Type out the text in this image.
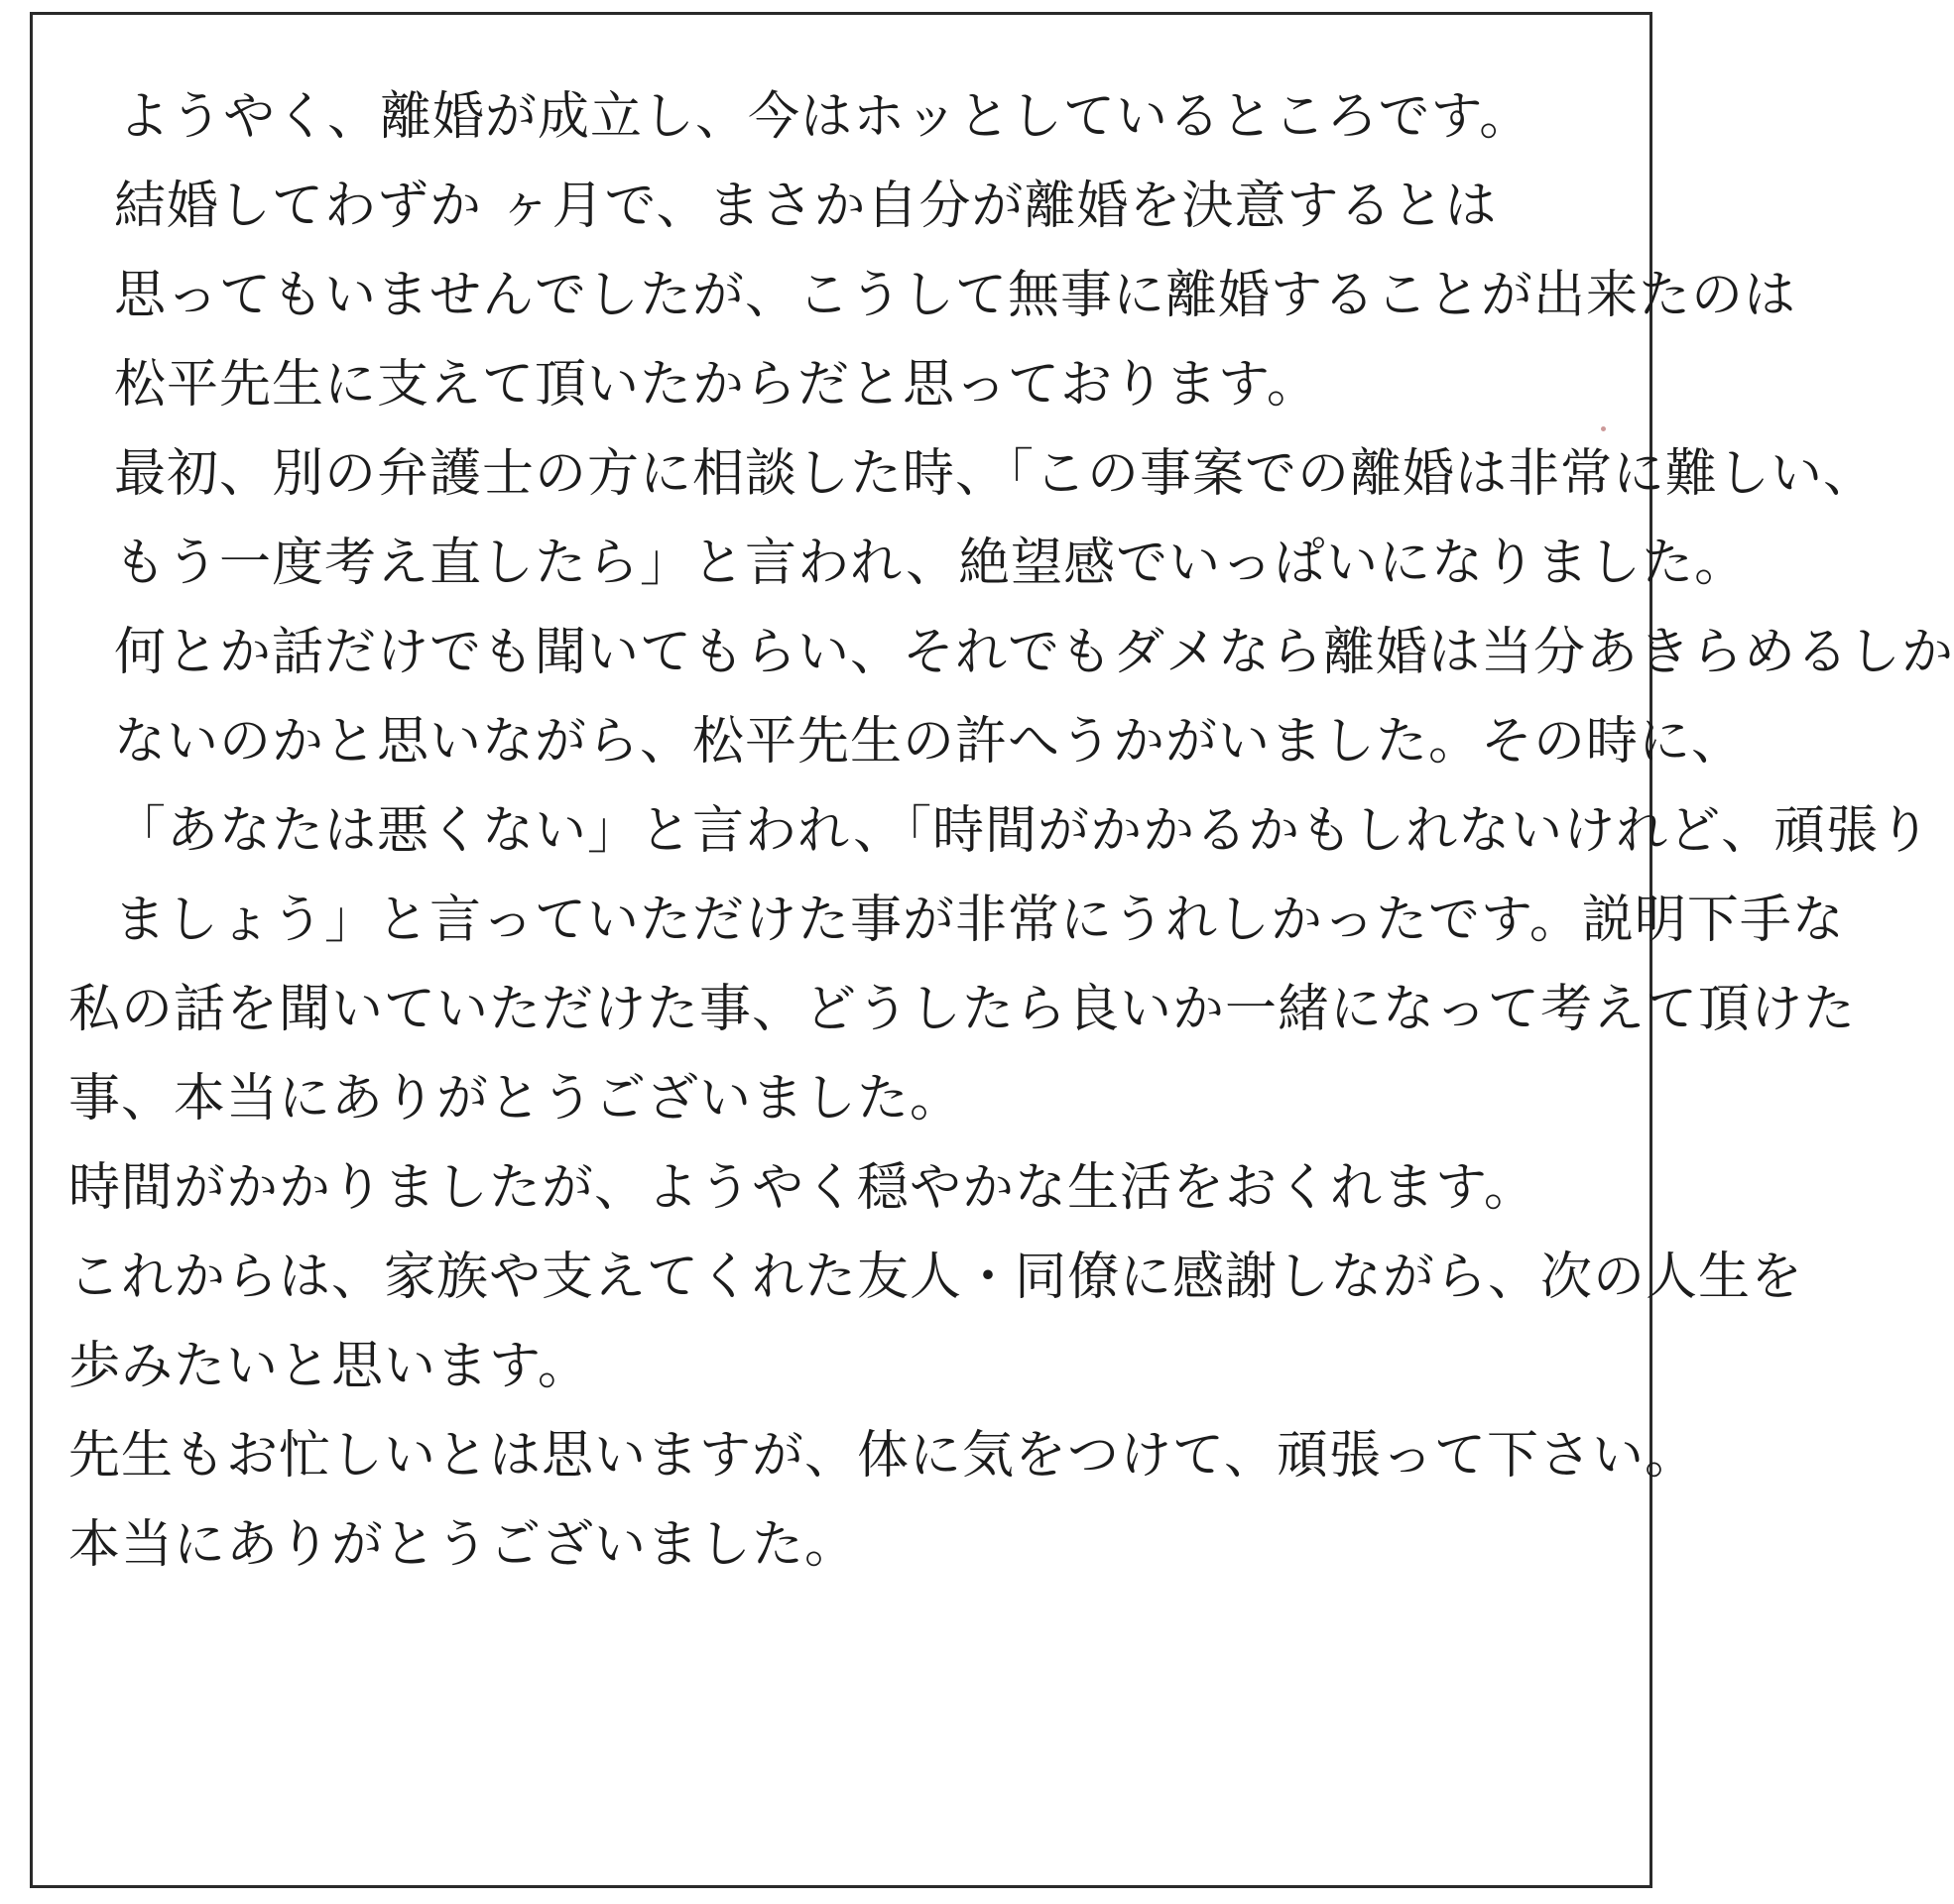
ようやく、離婚が成立し、今はホッとしているところです。
結婚してわずか ヶ月で、まさか自分が離婚を決意するとは
思ってもいませんでしたが、こうして無事に離婚することが出来たのは
松平先生に支えて頂いたからだと思っております。
最初、別の弁護士の方に相談した時、「この事案での離婚は非常に難しい、
もう一度考え直したら」と言われ、絶望感でいっぱいになりました。
何とか話だけでも聞いてもらい、それでもダメなら離婚は当分あきらめるしか
ないのかと思いながら、松平先生の許へうかがいました。その時に、
「あなたは悪くない」と言われ、「時間がかかるかもしれないけれど、頑張り
ましょう」と言っていただけた事が非常にうれしかったです。説明下手な
私の話を聞いていただけた事、どうしたら良いか一緒になって考えて頂けた
事、本当にありがとうございました。
時間がかかりましたが、ようやく穏やかな生活をおくれます。
これからは、家族や支えてくれた友人・同僚に感謝しながら、次の人生を
歩みたいと思います。
先生もお忙しいとは思いますが、体に気をつけて、頑張って下さい。
本当にありがとうございました。
